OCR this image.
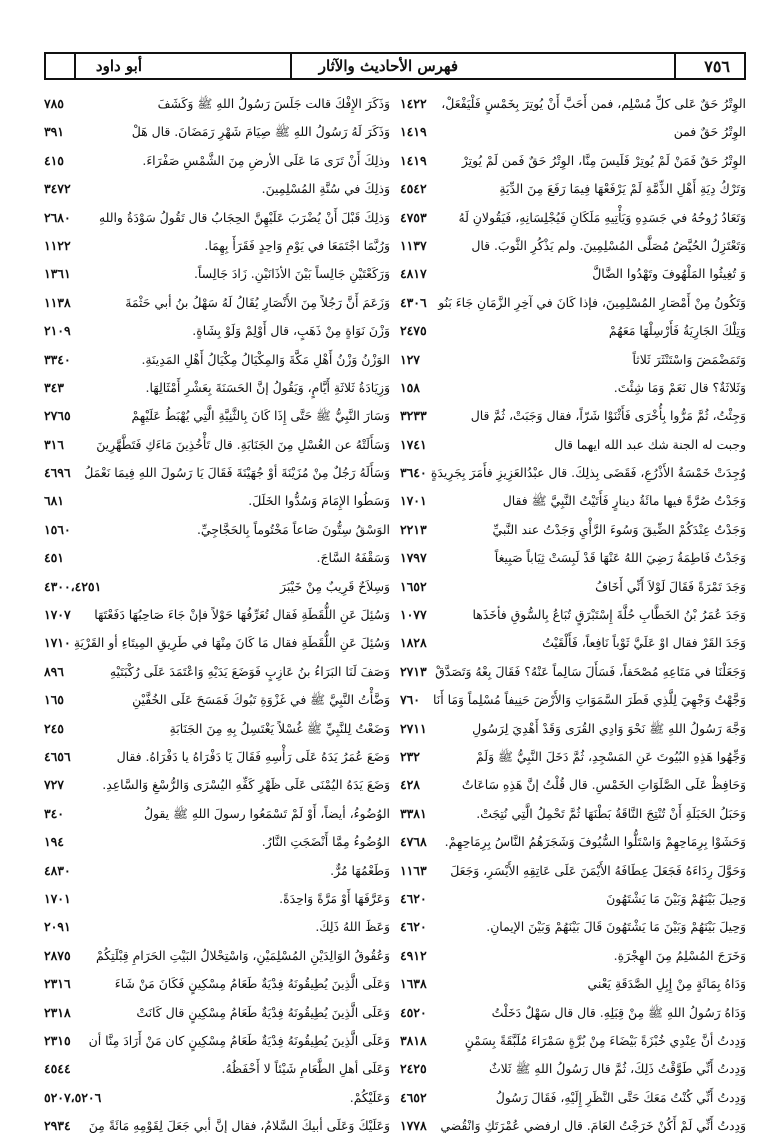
٧٥٦
فهرس الأحاديث والآثار
أبو داود
الوِتْرُ حَقٌ عَلى كلِّ مُسْلِم، فمن أَحَبَّ أَنْ يُوتِرَ بِخَمْسٍ فَلْيَفْعَلْ،
١٤٢٢
الوِتْرُ حَقٌ فمن
١٤١٩
الوِتْرُ حَقٌ فَمَنْ لَمْ يُوتِرْ فَلَيسَ مِنَّا، الوِتْرُ حَقٌ فَمن لَمْ يُوتِرْ
١٤١٩
وَتَرْكُ دِيَةِ أَهْلِ الذِّمَّةِ لَمْ يَرْفَعْهَا فِيمَا رَفَعَ مِنَ الدِّيَةِ
٤٥٤٢
وَتَعَادُ رُوحُهُ في جَسَدِهِ وَيَأْتِيهِ مَلَكَانِ فَيُجْلِسَانِهِ، فَيَقُولانِ لَهُ
٤٧٥٣
وَتَعْتَزِلُ الحُيَّضُ مُصَلَّى المُسْلِمِينَ. ولم يَذْكُرِ الثَّوبَ. قال
١١٣٧
وَ تُغِيثُوا المَلْهُوفَ وتَهْدُوا الضَّالَّ
٤٨١٧
وَتَكُونُ مِنْ أَمْصَارِ المُسْلِمِينَ، فإذا كَانَ في آخِرِ الزَّمَانِ جَاءَ بَنُو
٤٣٠٦
وَتِلْكَ الجَارِيَةُ فَأَرْسِلْهَا مَعَهُمْ
٢٤٧٥
وَتَمَضْمَضَ وَاسْتَنْثَرَ ثَلاثاً
١٢٧
وَثَلاثَةٌ؟ قال نَعَمْ وَمَا شِئْتَ.
١٥٨
وَجِئْتُ، ثُمَّ مَرُّوا بِأُخْرَى فَأَثْنَوْا شَرّاً، فقال وَجَبَتْ، ثُمَّ قال
٣٢٣٣
وجبت له الجنة شك عبد الله ايهما قال
١٧٤١
وُجِدَتْ خَمْسَةُ الأَذْرُعِ، فَقَضَى بِذلِكَ. قال عبْدُالعَزِيزِ فأَمَرَ بِجَرِيدَةٍ
٣٦٤٠
وَجَدْتُ صُرَّةً فيها مائَةُ دينارٍ فَأَتَيْتُ النَّبِيَّ ﷺ فقال
١٧٠١
وَجَدْتُ عِنْدَكُمْ الضِّيقَ وَسُوءَ الرَّأْيِ وَجَدْتُ عند النَّبيِّ
٢٢١٣
وَجَدْتُ فَاطِمَةُ رَضِيَ اللهُ عَنْهَا قَدْ لَبِسَتْ ثِيَاباً صَبِيغاً
١٧٩٧
وَجَدَ تَمْرَةً فَقَالَ لَوْلاَ أَنِّي أَخَافُ
١٦٥٢
وَجَدَ عُمَرُ بْنُ الخَطَّابِ حُلَّةَ إِسْتَبْرَقٍ تُبَاعُ بِالسُّوقِ فأخَذَها
١٠٧٧
وَجَدَ القَرْ فقال اوْ عَلَيَّ ثَوْباً نَافِعاً، فَأَلْقَيْتُ
١٨٢٨
وَجَعَلْنَا في مَتَاعِهِ مُصْحَفاً، فَسَأَلَ سَالِماً عَنْهُ؟ فَقَالَ بِعْهُ وَتَصَدَّقْ
٢٧١٣
وَجَّهْتُ وَجْهِيَ لِلَّذِي فَطَرَ السَّمَوَاتِ وَالأَرْضَ حَنِيفاً مُسْلِماً وَمَا أَنَا
٧٦٠
وَجَّهَ رَسُولُ اللهِ ﷺ نَحْوَ وَادِي القُرَى وَقَدْ أَهْدِيَ لِرَسُولِ
٢٧١١
وَجِّهُوا هَذِهِ البُيُوتَ عَنِ المَسْجِدِ، ثُمَّ دَخَلَ النَّبِيُّ ﷺ وَلَمْ
٢٣٢
وَحَافِظْ عَلَى الصَّلَوَاتِ الخَمْسِ. قال قُلْتُ إنَّ هَذِهِ سَاعَاتٌ
٤٢٨
وَحَبَلُ الحَبَلَةِ أَنْ تُنْتِجَ النَّاقَةُ بَطْنَهَا ثُمَّ تَحْمِلُ الَّتِي نُتِجَتْ.
٣٣٨١
وَحَشَوْا بِرِمَاحِهِمْ وَاسْتَلُّوا السُّيُوفَ وَشَجَرَهُمُ النَّاسُ بِرِمَاحِهِمْ.
٤٧٦٨
وَحَوَّلَ رِدَاءَهُ فَجَعَلَ عِطَافَهُ الأَيْمَنَ عَلَى عَاتِقِهِ الأَيْسَرِ، وَجَعَلَ
١١٦٣
وَحِيلَ بَيْنَهُمْ وَبَيْنَ مَا يَشْتَهُونَ
٤٦٢٠
وَحِيلَ بَيْنَهُمْ وَبَيْنَ مَا يَشْتَهُونَ قَالَ بَيْنَهُمْ وَبَيْنَ الإيمانِ.
٤٦٢٠
وَخَرَجَ المُسْلِمُ مِنَ الهِجْرَةِ.
٤٩١٢
وَدَاهُ بِمَائَةٍ مِنْ إِبِلِ الصَّدَقَةِ يَعْني
١٦٣٨
وَدَاهُ رَسُولُ اللهِ ﷺ مِنْ قِبَلِهِ. قال قال سَهْلٌ دَخَلْتُ
٤٥٢٠
وَدِدتُ أنَّ عِنْدِي خُبْزَةً بَيْضَاءَ مِنْ بُرَّةٍ سَمْرَاءَ مُلَبَّقَةً بِسَمْنٍ
٣٨١٨
وَدِدتُ أَنِّي طَوَّقْتُ ذَلِكَ، ثُمَّ قال رَسُولُ اللهِ ﷺ ثَلاثٌ
٢٤٢٥
وَدِدتُ أَنِّي كُنْتُ مَعَكَ حَتَّى النَّظَرِ إِلَيْهِ، فَقَالَ رَسُولُ
٤٦٥٢
وَدِدتُ أَنِّي لَمْ أَكُنْ خَرَجْتُ العَامَ. قال ارفضي عُمْرَتَكِ وَانْقُضي
١٧٧٨
وَذَكَرَ الإِفْكَ قالت جَلَسَ رَسُولُ اللهِ ﷺ وَكَشَفَ
٧٨٥
وَذَكَرَ لَهُ رَسُولُ اللهِ ﷺ صِيَامَ شَهْرِ رَمَضَانَ. قال هَلْ
٣٩١
وذلِكَ أَنْ تَرَى مَا عَلَى الأرضِ مِنَ الشَّمْسِ صَفْرَاءَ.
٤١٥
وَذلِكَ في سُنَّةِ المُسْلِمِينَ.
٣٤٧٢
وَذلِكَ قَبْلَ أَنْ يُضْرَبَ عَلَيْهِنَّ الحِجَابُ قال تَقُولُ سَوْدَةُ واللهِ
٢٦٨٠
وَرُبَّمَا اجْتَمَعَا في يَوْمِ وَاحِدٍ فَقَرَأَ بِهِمَا.
١١٢٢
وَرَكَعْتَيْنِ جَالِساً بَيْنَ الأذَانَيْنِ. زَادَ جَالِساً.
١٣٦١
وَزَعَمَ أَنَّ رَجُلاً مِنَ الأَنْصَارِ يُقَالُ لَهُ سَهْلُ بنُ أبي حَثْمَةَ
١١٣٨
وَزْنَ نَوَاةٍ مِنْ ذَهَبٍ، قال أَوْلِمْ وَلَوْ بِشَاةٍ.
٢١٠٩
الوَزْنُ وَزْنُ أَهْلِ مَكَّةَ وَالمِكْيَالُ مِكْيَالُ أَهْلِ المَدِينَةِ.
٣٣٤٠
وَزِيَادَةُ ثَلاثَةِ أَيَّامٍ، وَيَقُولُ إنَّ الحَسَنَةَ بِعَشْرِ أَمْثَالِهَا.
٣٤٣
وَسَارَ النَّبِيُّ ﷺ حَتَّى إِذَا كَانَ بِالثَّنِيَّةِ الَّتِي يُهْبَطُ عَلَيْهِمْ
٢٧٦٥
وَسَأَلَتْهُ عن الغُسْلِ مِنَ الجَنَابَةِ. قال تَأْخُذِينَ مَاءَكِ فَتَطَّهَّرِينَ
٣١٦
وَسَأَلَهُ رَجُلٌ مِنْ مُزَيْنَةَ أوْ جُهَيْنَةَ فَقَالَ يَا رَسُولَ اللهِ فِيمَا نَعْمَلُ
٤٦٩٦
وَسَطُوا الإِمَامَ وَسُدُّوا الخَلَلَ.
٦٨١
الوَسْقُ سِتُّونَ صَاعاً مَخْتُوماً بِالحَجَّاجِيِّ.
١٥٦٠
وَسَقْفَهُ السَّاجَ.
٤٥١
وَسِلاَحٌ قَرِيبٌ مِنْ خَيْبَرَ
٤٣٠٠،٤٢٥١
وَسُئِلَ عَنِ اللُّقَطَةِ فَقال تُعَرِّفُهَا حَوْلاً فإنْ جَاءَ صَاحِبُهَا دَفَعْتَهَا
١٧٠٧
وَسُئِلَ عَنِ اللُّقَطَةِ فقال مَا كَانَ مِنْهَا في طَرِيقِ المِيتَاءِ أو القَرْيَةِ
١٧١٠
وَصَفَ لَنَا البَرَاءُ بنُ عَازِبٍ فَوَضَعَ يَدَيْهِ وَاعْتَمَدَ عَلَى رُكْبَتَيْهِ
٨٩٦
وَضَّأْتُ النَّبِيَّ ﷺ في غَزْوَةِ تَبُوكَ فَمَسَحَ عَلَى الخُفَّيْنِ
١٦٥
وَضَعْتُ لِلنَّبِيِّ ﷺ غُسْلاً يَغْتَسِلُ بِهِ مِنَ الجَنَابَةِ
٢٤٥
وَضَعَ عُمَرُ يَدَهُ عَلَى رَأْسِهِ فَقَالَ يَا دَفْرَاهُ يا دَفْرَاهُ. فقال
٤٦٥٦
وَضَعَ يَدَهُ اليُمْنَى عَلَى ظَهْرِ كَفِّهِ اليُسْرَى وَالرُّسْغِ وَالسَّاعِدِ.
٧٢٧
الوُضُوءُ، أيضاً، أَوْ لَمْ تَسْمَعُوا رسولَ اللهِ ﷺ يقولُ
٣٤٠
الوُضُوءُ مِمَّا أَنْضَجَتِ النَّارُ.
١٩٤
وَطَعْمُهَا مُرٌّ.
٤٨٣٠
وَعَرَّفَهَا أَوْ مَرَّةً وَاحِدَةً.
١٧٠١
وَعَظَ اللهُ ذَلِكَ.
٢٠٩١
وَعُقُوقُ الوَالِدَيْنِ المُسْلِمَيْنِ، وَاسْتِحْلالُ البَيْتِ الحَرَامِ قِبْلَتِكُمْ
٢٨٧٥
وَعَلَى الَّذِينَ يُطِيقُونَهُ فِدْيَةٌ طَعَامُ مِسْكِينٍ فَكَانَ مَنْ شَاءَ
٢٣١٦
وَعَلَى الَّذِينَ يُطِيقُونَهُ فِدْيَةٌ طَعَامُ مِسْكِينٍ قال كَانَتْ
٢٣١٨
وَعَلَى الَّذِينَ يُطِيقُونَهُ فِدْيَةٌ طَعَامُ مِسْكِينٍ كان مَنْ أَرَادَ مِنَّا أن
٢٣١٥
وَعَلَى أهلِ الطَّعَامِ شَيْئاً لا أَحْفَظُهُ.
٤٥٤٤
وَعَلَيْكُمْ.
٥٢٠٧،٥٢٠٦
وَعَلَيْكَ وَعَلَى أبيكَ السَّلامُ، فقال إنَّ أبي جَعَلَ لِقَوْمِهِ مَائَةً مِنَ
٢٩٣٤
